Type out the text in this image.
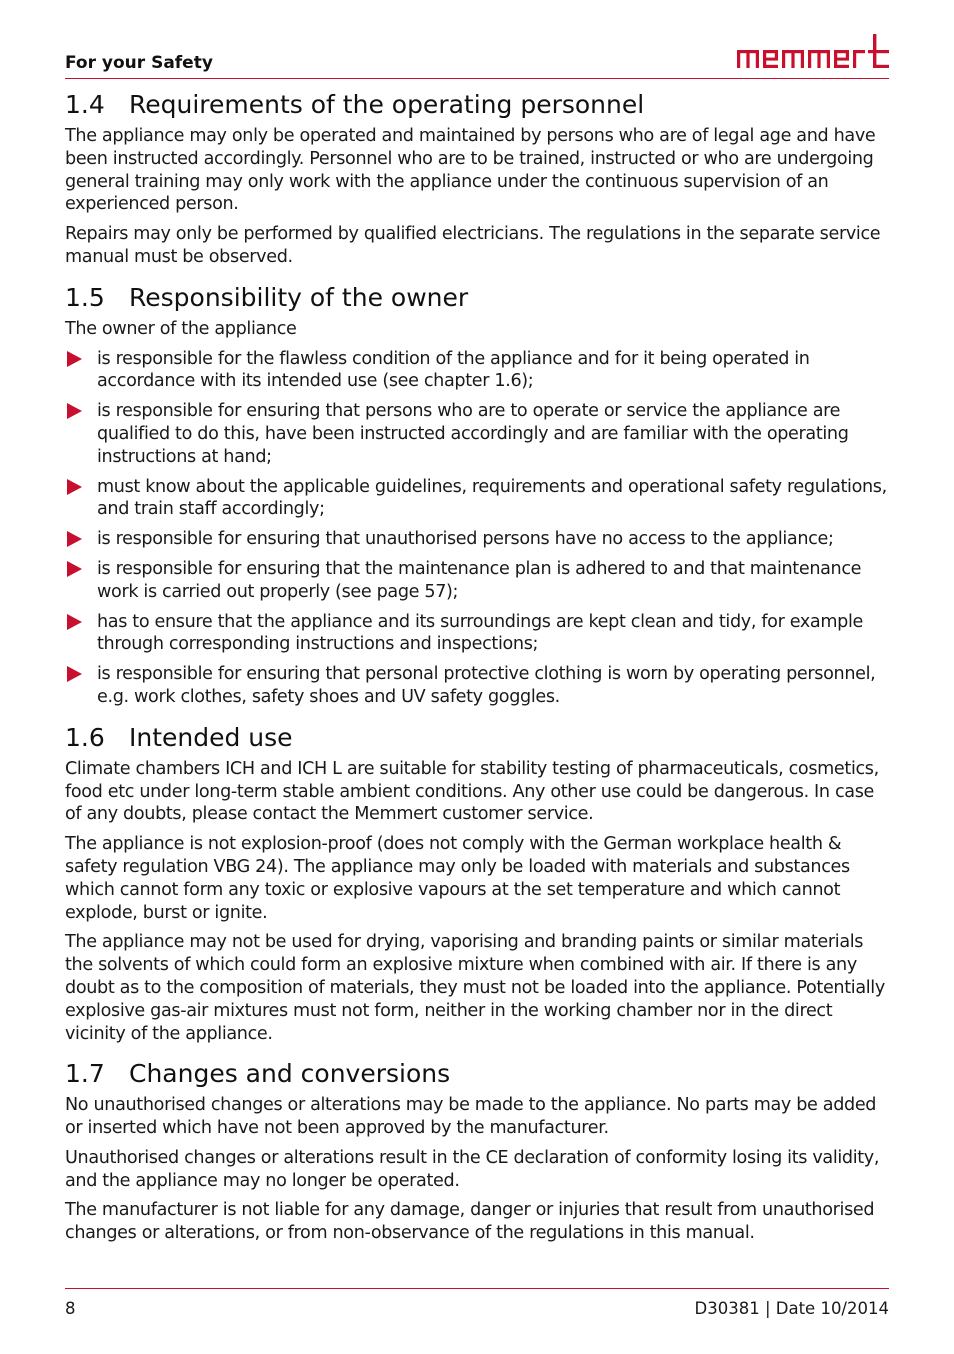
For your Safety
1.4 Requirements of the operating personnel

The appliance may only be operated and maintained by persons who are of legal age and have been instructed accordingly. Personnel who are to be trained, instructed or who are undergoing general training may only work with the appliance under the continuous supervision of an experienced person.

Repairs may only be performed by qualified electricians. The regulations in the separate service manual must be observed.

1.5 Responsibility of the owner

The owner of the appliance

is responsible for the flawless condition of the appliance and for it being operated in accordance with its intended use (see chapter 1.6);
is responsible for ensuring that persons who are to operate or service the appliance are qualified to do this, have been instructed accordingly and are familiar with the operating instructions at hand;
must know about the applicable guidelines, requirements and operational safety regulations, and train staff accordingly;
is responsible for ensuring that unauthorised persons have no access to the appliance;
is responsible for ensuring that the maintenance plan is adhered to and that maintenance work is carried out properly (see page 57);
has to ensure that the appliance and its surroundings are kept clean and tidy, for example through corresponding instructions and inspections;
is responsible for ensuring that personal protective clothing is worn by operating personnel, e.g. work clothes, safety shoes and UV safety goggles.
1.6 Intended use

Climate chambers ICH and ICH L are suitable for stability testing of pharmaceuticals, cosmetics, food etc under long-term stable ambient conditions. Any other use could be dangerous. In case of any doubts, please contact the Memmert customer service.

The appliance is not explosion-proof (does not comply with the German workplace health & safety regulation VBG 24). The appliance may only be loaded with materials and substances which cannot form any toxic or explosive vapours at the set temperature and which cannot explode, burst or ignite.

The appliance may not be used for drying, vaporising and branding paints or similar materials the solvents of which could form an explosive mixture when combined with air. If there is any doubt as to the composition of materials, they must not be loaded into the appliance. Potentially explosive gas-air mixtures must not form, neither in the working chamber nor in the direct vicinity of the appliance.

1.7 Changes and conversions

No unauthorised changes or alterations may be made to the appliance. No parts may be added or inserted which have not been approved by the manufacturer.

Unauthorised changes or alterations result in the CE declaration of conformity losing its validity, and the appliance may no longer be operated.

The manufacturer is not liable for any damage, danger or injuries that result from unauthorised changes or alterations, or from non-observance of the regulations in this manual.

8	D30381 | Date 10/2014
